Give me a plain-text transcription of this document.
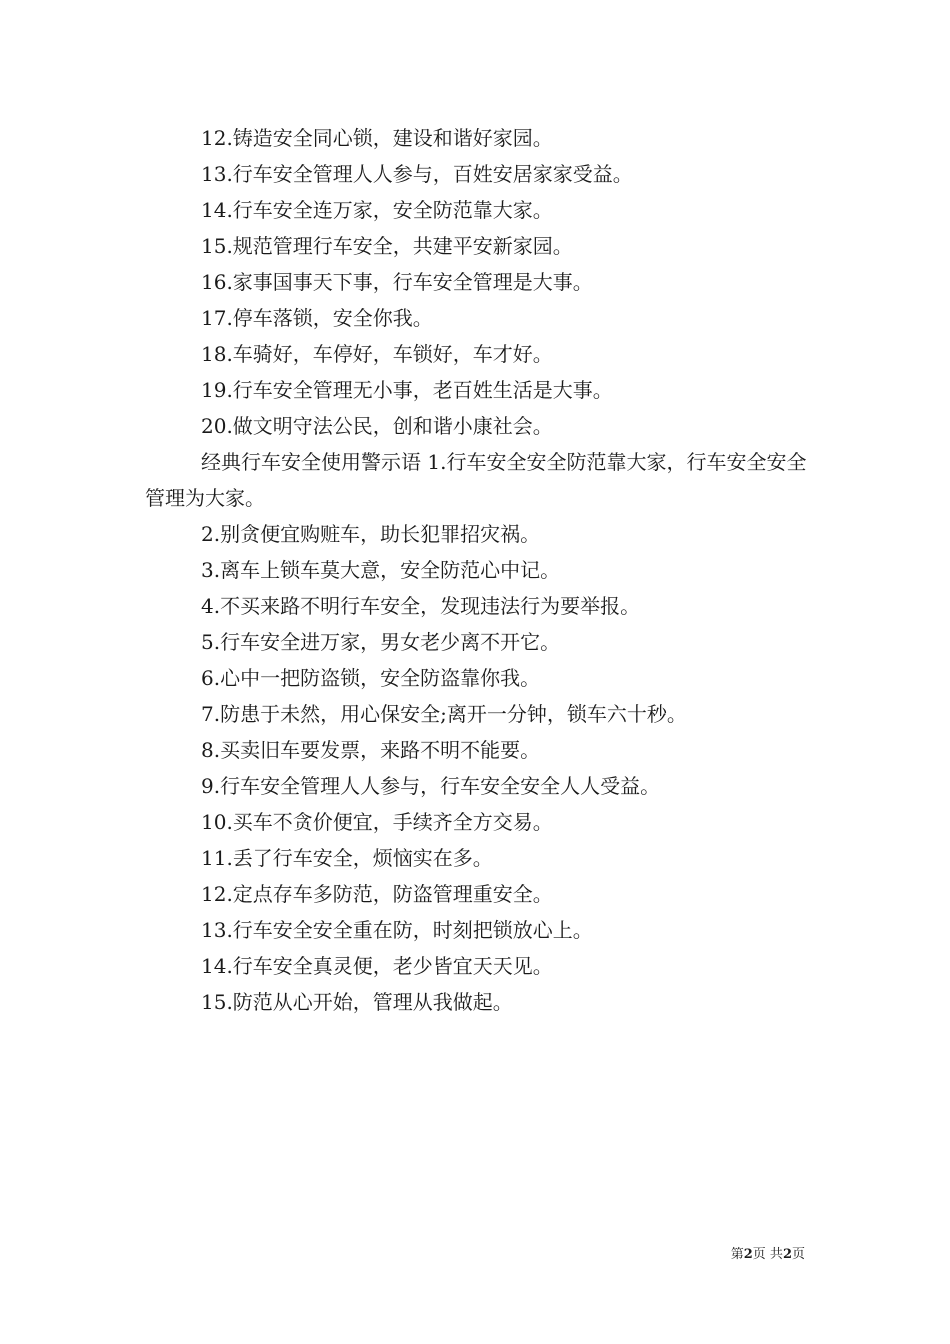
12.铸造安全同心锁，建设和谐好家园。
13.行车安全管理人人参与，百姓安居家家受益。
14.行车安全连万家，安全防范靠大家。
15.规范管理行车安全，共建平安新家园。
16.家事国事天下事，行车安全管理是大事。
17.停车落锁，安全你我。
18.车骑好，车停好，车锁好，车才好。
19.行车安全管理无小事，老百姓生活是大事。
20.做文明守法公民，创和谐小康社会。
经典行车安全使用警示语 1.行车安全安全防范靠大家，行车安全安全管理为大家。
2.别贪便宜购赃车，助长犯罪招灾祸。
3.离车上锁车莫大意，安全防范心中记。
4.不买来路不明行车安全，发现违法行为要举报。
5.行车安全进万家，男女老少离不开它。
6.心中一把防盗锁，安全防盗靠你我。
7.防患于未然，用心保安全;离开一分钟，锁车六十秒。
8.买卖旧车要发票，来路不明不能要。
9.行车安全管理人人参与，行车安全安全人人受益。
10.买车不贪价便宜，手续齐全方交易。
11.丢了行车安全，烦恼实在多。
12.定点存车多防范，防盗管理重安全。
13.行车安全安全重在防，时刻把锁放心上。
14.行车安全真灵便，老少皆宜天天见。
15.防范从心开始，管理从我做起。
第2页 共2页
